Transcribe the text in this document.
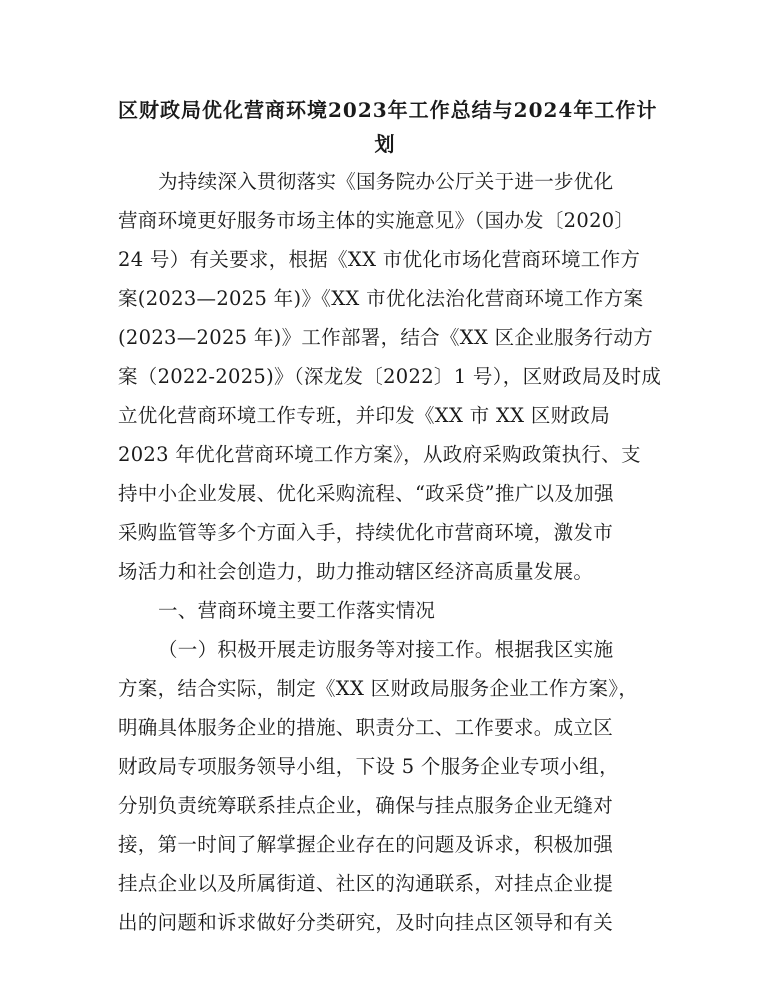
区财政局优化营商环境2023年工作总结与2024年工作计
划
为持续深入贯彻落实《国务院办公厅关于进一步优化
营商环境更好服务市场主体的实施意见》（国办发〔2020〕
24 号）有关要求，根据《XX 市优化市场化营商环境工作方
案(2023—2025 年)》《XX 市优化法治化营商环境工作方案
(2023—2025 年)》工作部署，结合《XX 区企业服务行动方
案（2022-2025)》（深龙发〔2022〕1 号），区财政局及时成
立优化营商环境工作专班，并印发《XX 市 XX 区财政局
2023 年优化营商环境工作方案》，从政府采购政策执行、支
持中小企业发展、优化采购流程、“政采贷”推广以及加强
采购监管等多个方面入手，持续优化市营商环境，激发市
场活力和社会创造力，助力推动辖区经济高质量发展。
一、营商环境主要工作落实情况
（一）积极开展走访服务等对接工作。根据我区实施
方案，结合实际，制定《XX 区财政局服务企业工作方案》，
明确具体服务企业的措施、职责分工、工作要求。成立区
财政局专项服务领导小组，下设 5 个服务企业专项小组，
分别负责统筹联系挂点企业，确保与挂点服务企业无缝对
接，第一时间了解掌握企业存在的问题及诉求，积极加强
挂点企业以及所属街道、社区的沟通联系，对挂点企业提
出的问题和诉求做好分类研究，及时向挂点区领导和有关
